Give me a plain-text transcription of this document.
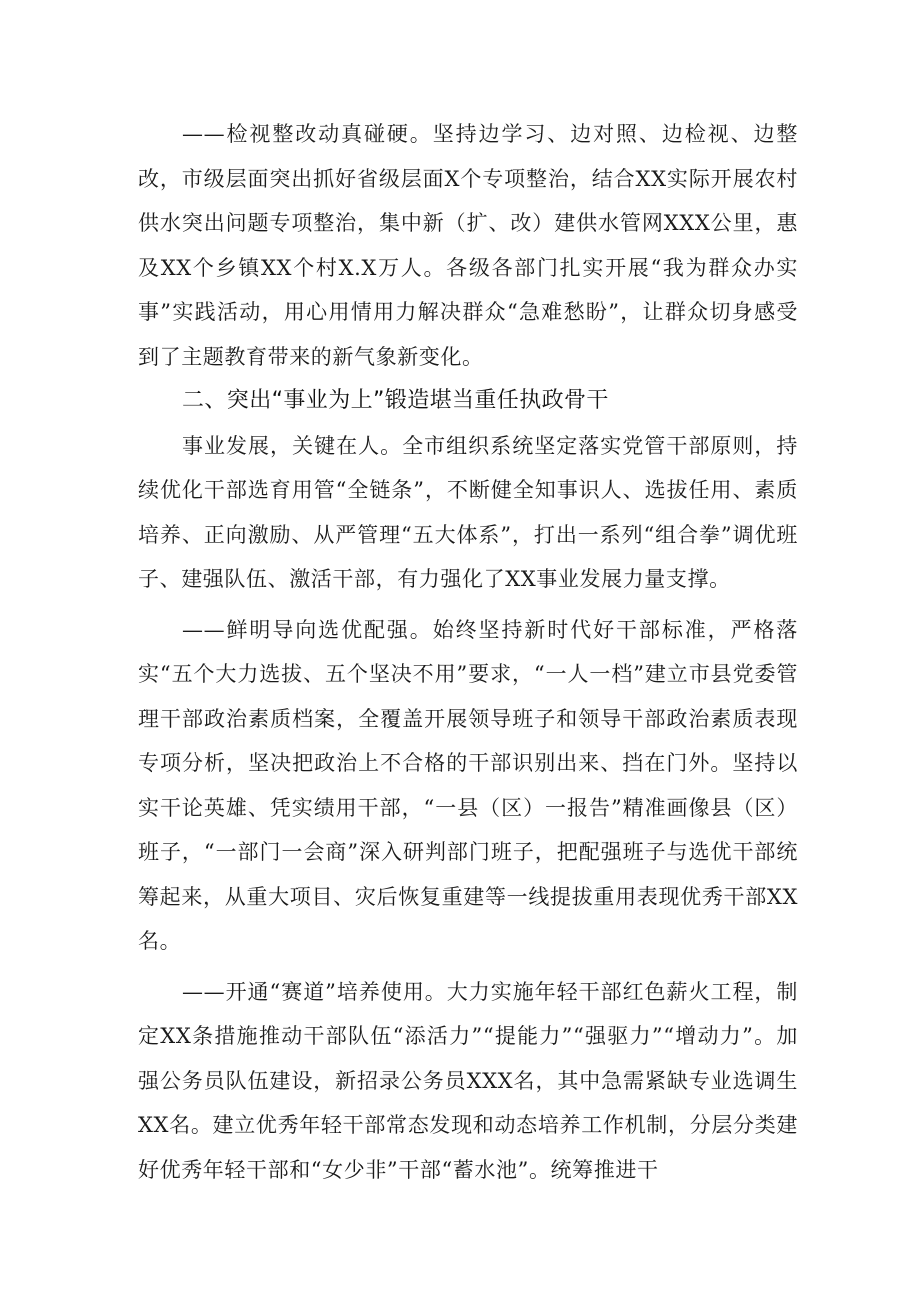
——检视整改动真碰硬。坚持边学习、边对照、边检视、边整改，市级层面突出抓好省级层面X个专项整治，结合XX实际开展农村供水突出问题专项整治，集中新（扩、改）建供水管网XXX公里，惠及XX个乡镇XX个村X.X万人。各级各部门扎实开展“我为群众办实事”实践活动，用心用情用力解决群众“急难愁盼”，让群众切身感受到了主题教育带来的新气象新变化。

二、突出“事业为上”锻造堪当重任执政骨干

事业发展，关键在人。全市组织系统坚定落实党管干部原则，持续优化干部选育用管“全链条”，不断健全知事识人、选拔任用、素质培养、正向激励、从严管理“五大体系”，打出一系列“组合拳”调优班子、建强队伍、激活干部，有力强化了XX事业发展力量支撑。

——鲜明导向选优配强。始终坚持新时代好干部标准，严格落实“五个大力选拔、五个坚决不用”要求，“一人一档”建立市县党委管理干部政治素质档案，全覆盖开展领导班子和领导干部政治素质表现专项分析，坚决把政治上不合格的干部识别出来、挡在门外。坚持以实干论英雄、凭实绩用干部，“一县（区）一报告”精准画像县（区）班子，“一部门一会商”深入研判部门班子，把配强班子与选优干部统筹起来，从重大项目、灾后恢复重建等一线提拔重用表现优秀干部XX名。

——开通“赛道”培养使用。大力实施年轻干部红色薪火工程，制定XX条措施推动干部队伍“添活力”“提能力”“强驱力”“增动力”。加强公务员队伍建设，新招录公务员XXX名，其中急需紧缺专业选调生XX名。建立优秀年轻干部常态发现和动态培养工作机制，分层分类建好优秀年轻干部和“女少非”干部“蓄水池”。统筹推进干
